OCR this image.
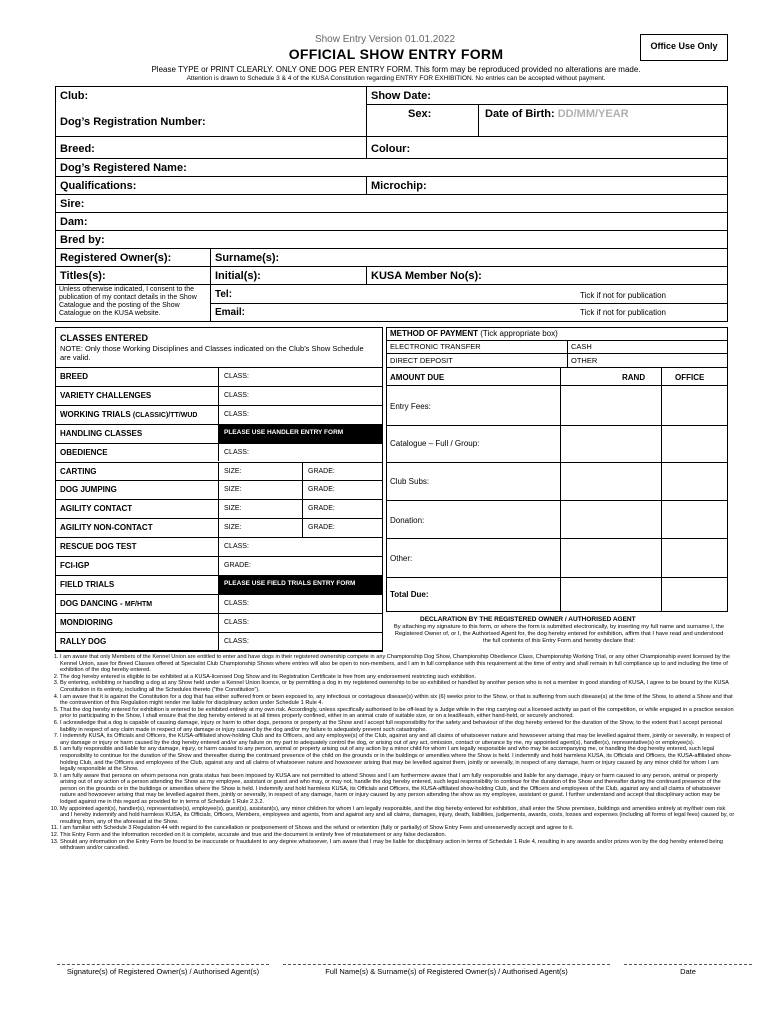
Show Entry Version 01.01.2022
Office Use Only
OFFICIAL SHOW ENTRY FORM
Please TYPE or PRINT CLEARLY. ONLY ONE DOG PER ENTRY FORM. This form may be reproduced provided no alterations are made.
Attention is drawn to Schedule 3 & 4 of the KUSA Constitution regarding ENTRY FOR EXHIBITION. No entries can be accepted without payment.
Club:	Show Date:
Sex:	Date of Birth: DD/MM/YEAR
Dog’s Registration Number:
Breed:	Colour:
Dog’s Registered Name:
Qualifications:	Microchip:
Sire:
Dam:
Bred by:
Registered Owner(s):	Surname(s):
Titles(s):	Initial(s):	KUSA Member No(s):
Unless otherwise indicated, I consent to the publication of my contact details in the Show Catalogue and the posting of the Show Catalogue on the KUSA website.
Tel:	Tick if not for publication
Email:	Tick if not for publication
CLASSES ENTERED
NOTE: Only those Working Disciplines and Classes indicated on the Club’s Show Schedule are valid.
BREED	CLASS:
VARIETY CHALLENGES	CLASS:
WORKING TRIALS (CLASSIC)/TT/WUD	CLASS:
HANDLING CLASSES	PLEASE USE HANDLER ENTRY FORM
OBEDIENCE	CLASS:
CARTING	SIZE:	GRADE:
DOG JUMPING	SIZE:	GRADE:
AGILITY CONTACT	SIZE:	GRADE:
AGILITY NON-CONTACT	SIZE:	GRADE:
RESCUE DOG TEST	CLASS:
FCI-IGP	GRADE:
FIELD TRIALS	PLEASE USE FIELD TRIALS ENTRY FORM
DOG DANCING - MF/HTM	CLASS:
MONDIORING	CLASS:
RALLY DOG	CLASS:
METHOD OF PAYMENT (Tick appropriate box)
ELECTRONIC TRANSFER	CASH
DIRECT DEPOSIT	OTHER
AMOUNT DUE	RAND	OFFICE
Entry Fees:
Catalogue – Full / Group:
Club Subs:
Donation:
Other:
Total Due:
DECLARATION BY THE REGISTERED OWNER / AUTHORISED AGENT
By attaching my signature to this form, or where the form is submitted electronically, by inserting my full name and surname I, the Registered Owner of, or I, the Authorised Agent for, the dog hereby entered for exhibition, affirm that I have read and understood the full contents of this Entry Form and hereby declare that:
1. I am aware that only Members of the Kennel Union are entitled to enter and have dogs in their registered ownership compete in any Championship Dog Show, Championship Obedience Class, Championship Working Trial, or any other Championship event licensed by the Kennel Union, save for Breed Classes offered at Specialist Club Championship Shows where entries will also be open to non-members, and I am in full compliance with this requirement at the time of entry and shall remain in full compliance up to and including the time of exhibition of the dog hereby entered.
2. The dog hereby entered is eligible to be exhibited at a KUSA-licensed Dog Show and its Registration Certificate is free from any endorsement restricting such exhibition.
3. By entering, exhibiting or handling a dog at any Show held under a Kennel Union licence, or by permitting a dog in my registered ownership to be so exhibited or handled by another person who is not a member in good standing of KUSA, I agree to be bound by the KUSA Constitution in its entirety, including all the Schedules thereto (“the Constitution”).
4. I am aware that it is against the Constitution for a dog that has either suffered from or been exposed to, any infectious or contagious disease(s) within six (6) weeks prior to the Show, or that is suffering from such disease(s) at the time of the Show, to attend a Show and that the contravention of this Regulation might render me liable for disciplinary action under Schedule 1 Rule 4.
5. That the dog hereby entered for exhibition is entered to be exhibited entirely at my own risk. Accordingly, unless specifically authorised to be off-lead by a Judge while in the ring carrying out a licensed activity as part of the competition, or while engaged in a practice session prior to participating in the Show, I shall ensure that the dog hereby entered is at all times properly confined, either in an animal crate of suitable size, or on a lead/leash, either hand-held, or securely anchored.
6. I acknowledge that a dog is capable of causing damage, injury or harm to other dogs, persons or property at the Show and I accept full responsibility for the safety and behaviour of the dog hereby entered for the duration of the Show, to the extent that I accept personal liability in respect of any claim made in respect of any damage or injury caused by the dog and/or my failure to adequately prevent such catastrophe.
7. I indemnify KUSA, its Officials and Officers, the KUSA-affiliated show-holding Club and its Officers, and any employee(s) of the Club, against any and all claims of whatsoever nature and howsoever arising that may be levelled against them, jointly or severally, in respect of any damage or injury or harm caused by the dog hereby entered and/or any failure on my part to adequately control the dog, or arising out of any act, omission, contact or utterance by me, my appointed agent(s), handler(s), representative(s) or employee(s).
8. I am fully responsible and liable for any damage, injury, or harm caused to any person, animal or property arising out of any action by a minor child for whom I am legally responsible and who may be accompanying me, or handling the dog hereby entered, such legal responsibility to continue for the duration of the Show and thereafter during the continued presence of the child on the grounds or in the buildings or amenities where the Show is held. I indemnify and hold harmless KUSA, its Officials and Officers, the KUSA-affiliated show-holding Club, and the Officers and employees of the Club, against any and all claims of whatsoever nature and howsoever arising that may be levelled against them, jointly or severally, in respect of any damage, harm or injury caused by any minor child for whom I am legally responsible at the Show.
9. I am fully aware that persons on whom persona non grata status has been imposed by KUSA are not permitted to attend Shows and I am furthermore aware that I am fully responsible and liable for any damage, injury or harm caused to any person, animal or property arising out of any action of a person attending the Show as my employee, assistant or guest and who may, or may not, handle the dog hereby entered, such legal responsibility to continue for the duration of the Show and thereafter during the continued presence of the person on the grounds or in the buildings or amenities where the Show is held. I indemnify and hold harmless KUSA, its Officials and Officers, the KUSA-affiliated show-holding Club, and the Officers and employees of the Club, against any and all claims of whatsoever nature and howsoever arising that may be levelled against them, jointly or severally, in respect of any damage, harm or injury caused by any person attending the show as my employee, assistant or guest. I further understand and accept that disciplinary action may be lodged against me in this regard as provided for in terms of Schedule 1 Rule 2.3.2.
10. My appointed agent(s), handler(s), representative(s), employee(s), guest(s), assistant(s), any minor children for whom I am legally responsible, and the dog hereby entered for exhibition, shall enter the Show premises, buildings and amenities entirely at my/their own risk and I hereby indemnify and hold harmless KUSA, its Officials, Officers, Members, employees and agents, from and against any and all claims, damages, injury, death, liabilities, judgements, awards, costs, losses and expenses (including all forms of legal fees) caused by, or resulting from, any of the aforesaid at the Show.
11. I am familiar with Schedule 3 Regulation 44 with regard to the cancellation or postponement of Shows and the refund or retention (fully or partially) of Show Entry Fees and unreservedly accept and agree to it.
12. This Entry Form and the information recorded on it is complete, accurate and true and the document is entirely free of misstatement or any false declaration.
13. Should any information on the Entry Form be found to be inaccurate or fraudulent to any degree whatsoever, I am aware that I may be liable for disciplinary action in terms of Schedule 1 Rule 4, resulting in any awards and/or prizes won by the dog hereby entered being withdrawn and/or cancelled.
Signature(s) of Registered Owner(s) / Authorised Agent(s)	Full Name(s) & Surname(s) of Registered Owner(s) / Authorised Agent(s)	Date
